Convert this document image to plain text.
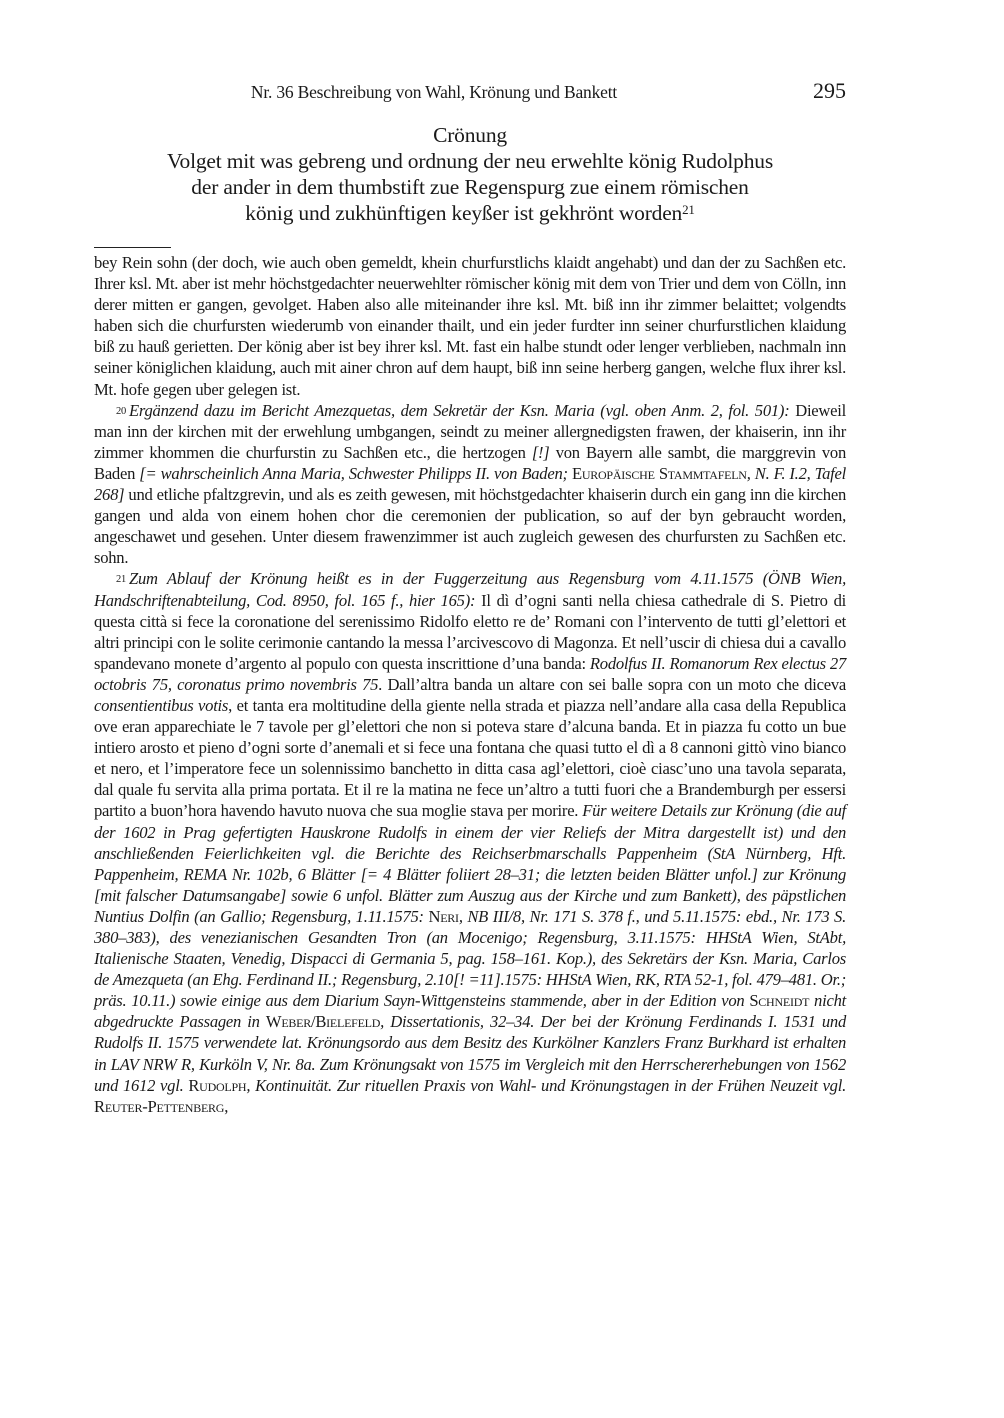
Nr. 36 Beschreibung von Wahl, Krönung und Bankett	295
Crönung
Volget mit was gebreng und ordnung der neu erwehlte könig Rudolphus
der ander in dem thumbstift zue Regenspurg zue einem römischen
könig und zukhünftigen keyßer ist gekhrönt worden$^{21}$

bey Rein sohn (der doch, wie auch oben gemeldt, khein churfurstlichs klaidt angehabt) und dan der zu Sachßen etc. Ihrer ksl. Mt. aber ist mehr höchstgedachter neuerwehlter römischer könig mit dem von Trier und dem von Cölln, inn derer mitten er gangen, gevolget. Haben also alle miteinander ihre ksl. Mt. biß inn ihr zimmer belaittet; volgendts haben sich die churfursten wiederumb von einander thailt, und ein jeder furdter inn seiner churfurstlichen klaidung biß zu hauß gerietten. Der könig aber ist bey ihrer ksl. Mt. fast ein halbe stundt oder lenger verblieben, nachmaln inn seiner königlichen klaidung, auch mit ainer chron auf dem haupt, biß inn seine herberg gangen, welche flux ihrer ksl. Mt. hofe gegen uber gelegen ist.

$^{20}$ Ergänzend dazu im Bericht Amezquetas, dem Sekretär der Ksn. Maria (vgl. oben Anm. 2, fol. 501): Dieweil man inn der kirchen mit der erwehlung umbgangen, seindt zu meiner allergnedigsten frawen, der khaiserin, inn ihr zimmer khommen die churfurstin zu Sachßen etc., die hertzogen [!] von Bayern alle sambt, die marggrevin von Baden [= wahrscheinlich Anna Maria, Schwester Philipps II. von Baden; Europäische Stammtafeln, N. F. I.2, Tafel 268] und etliche pfaltzgrevin, und als es zeith gewesen, mit höchstgedachter khaiserin durch ein gang inn die kirchen gangen und alda von einem hohen chor die ceremonien der publication, so auf der byn gebraucht worden, angeschawet und gesehen. Unter diesem frawenzimmer ist auch zugleich gewesen des churfursten zu Sachßen etc. sohn.

$^{21}$ Zum Ablauf der Krönung heißt es in der Fuggerzeitung aus Regensburg vom 4.11.1575 (ÖNB Wien, Handschriftenabteilung, Cod. 8950, fol. 165 f., hier 165): Il dì d’ogni santi nella chiesa cathedrale di S. Pietro di questa città si fece la coronatione del serenissimo Ridolfo eletto re de’ Romani con l’intervento de tutti gl’elettori et altri principi con le solite cerimonie cantando la messa l’arcivescovo di Magonza. Et nell’uscir di chiesa dui a cavallo spandevano monete d’argento al populo con questa inscrittione d’una banda: Rodolfus II. Romanorum Rex electus 27 octobris 75, coronatus primo novembris 75. Dall’altra banda un altare con sei balle sopra con un moto che diceva consentientibus votis, et tanta era moltitudine della giente nella strada et piazza nell’andare alla casa della Republica ove eran apparechiate le 7 tavole per gl’elettori che non si poteva stare d’alcuna banda. Et in piazza fu cotto un bue intiero arosto et pieno d’ogni sorte d’anemali et si fece una fontana che quasi tutto el dì a 8 cannoni gittò vino bianco et nero, et l’imperatore fece un solennissimo banchetto in ditta casa agl’elettori, cioè ciasc’uno una tavola separata, dal quale fu servita alla prima portata. Et il re la matina ne fece un’altro a tutti fuori che a Brandemburgh per essersi partito a buon’hora havendo havuto nuova che sua moglie stava per morire. Für weitere Details zur Krönung (die auf der 1602 in Prag gefertigten Hauskrone Rudolfs in einem der vier Reliefs der Mitra dargestellt ist) und den anschließenden Feierlichkeiten vgl. die Berichte des Reichserbmarschalls Pappenheim (StA Nürnberg, Hft. Pappenheim, REMA Nr. 102b, 6 Blätter [= 4 Blätter foliiert 28–31; die letzten beiden Blätter unfol.] zur Krönung [mit falscher Datumsangabe] sowie 6 unfol. Blätter zum Auszug aus der Kirche und zum Bankett), des päpstlichen Nuntius Dolfin (an Gallio; Regensburg, 1.11.1575: Neri, NB III/8, Nr. 171 S. 378 f., und 5.11.1575: ebd., Nr. 173 S. 380–383), des venezianischen Gesandten Tron (an Mocenigo; Regensburg, 3.11.1575: HHStA Wien, StAbt, Italienische Staaten, Venedig, Dispacci di Germania 5, pag. 158–161. Kop.), des Sekretärs der Ksn. Maria, Carlos de Amezqueta (an Ehg. Ferdinand II.; Regensburg, 2.10[! =11].1575: HHStA Wien, RK, RTA 52-1, fol. 479–481. Or.; präs. 10.11.) sowie einige aus dem Diarium Sayn-Wittgensteins stammende, aber in der Edition von Schneidt nicht abgedruckte Passagen in Weber/Bielefeld, Dissertationis, 32–34. Der bei der Krönung Ferdinands I. 1531 und Rudolfs II. 1575 verwendete lat. Krönungsordo aus dem Besitz des Kurkölner Kanzlers Franz Burkhard ist erhalten in LAV NRW R, Kurköln V, Nr. 8a. Zum Krönungsakt von 1575 im Vergleich mit den Herrschererhebungen von 1562 und 1612 vgl. Rudolph, Kontinuität. Zur rituellen Praxis von Wahl- und Krönungstagen in der Frühen Neuzeit vgl. Reuter-Pettenberg,
